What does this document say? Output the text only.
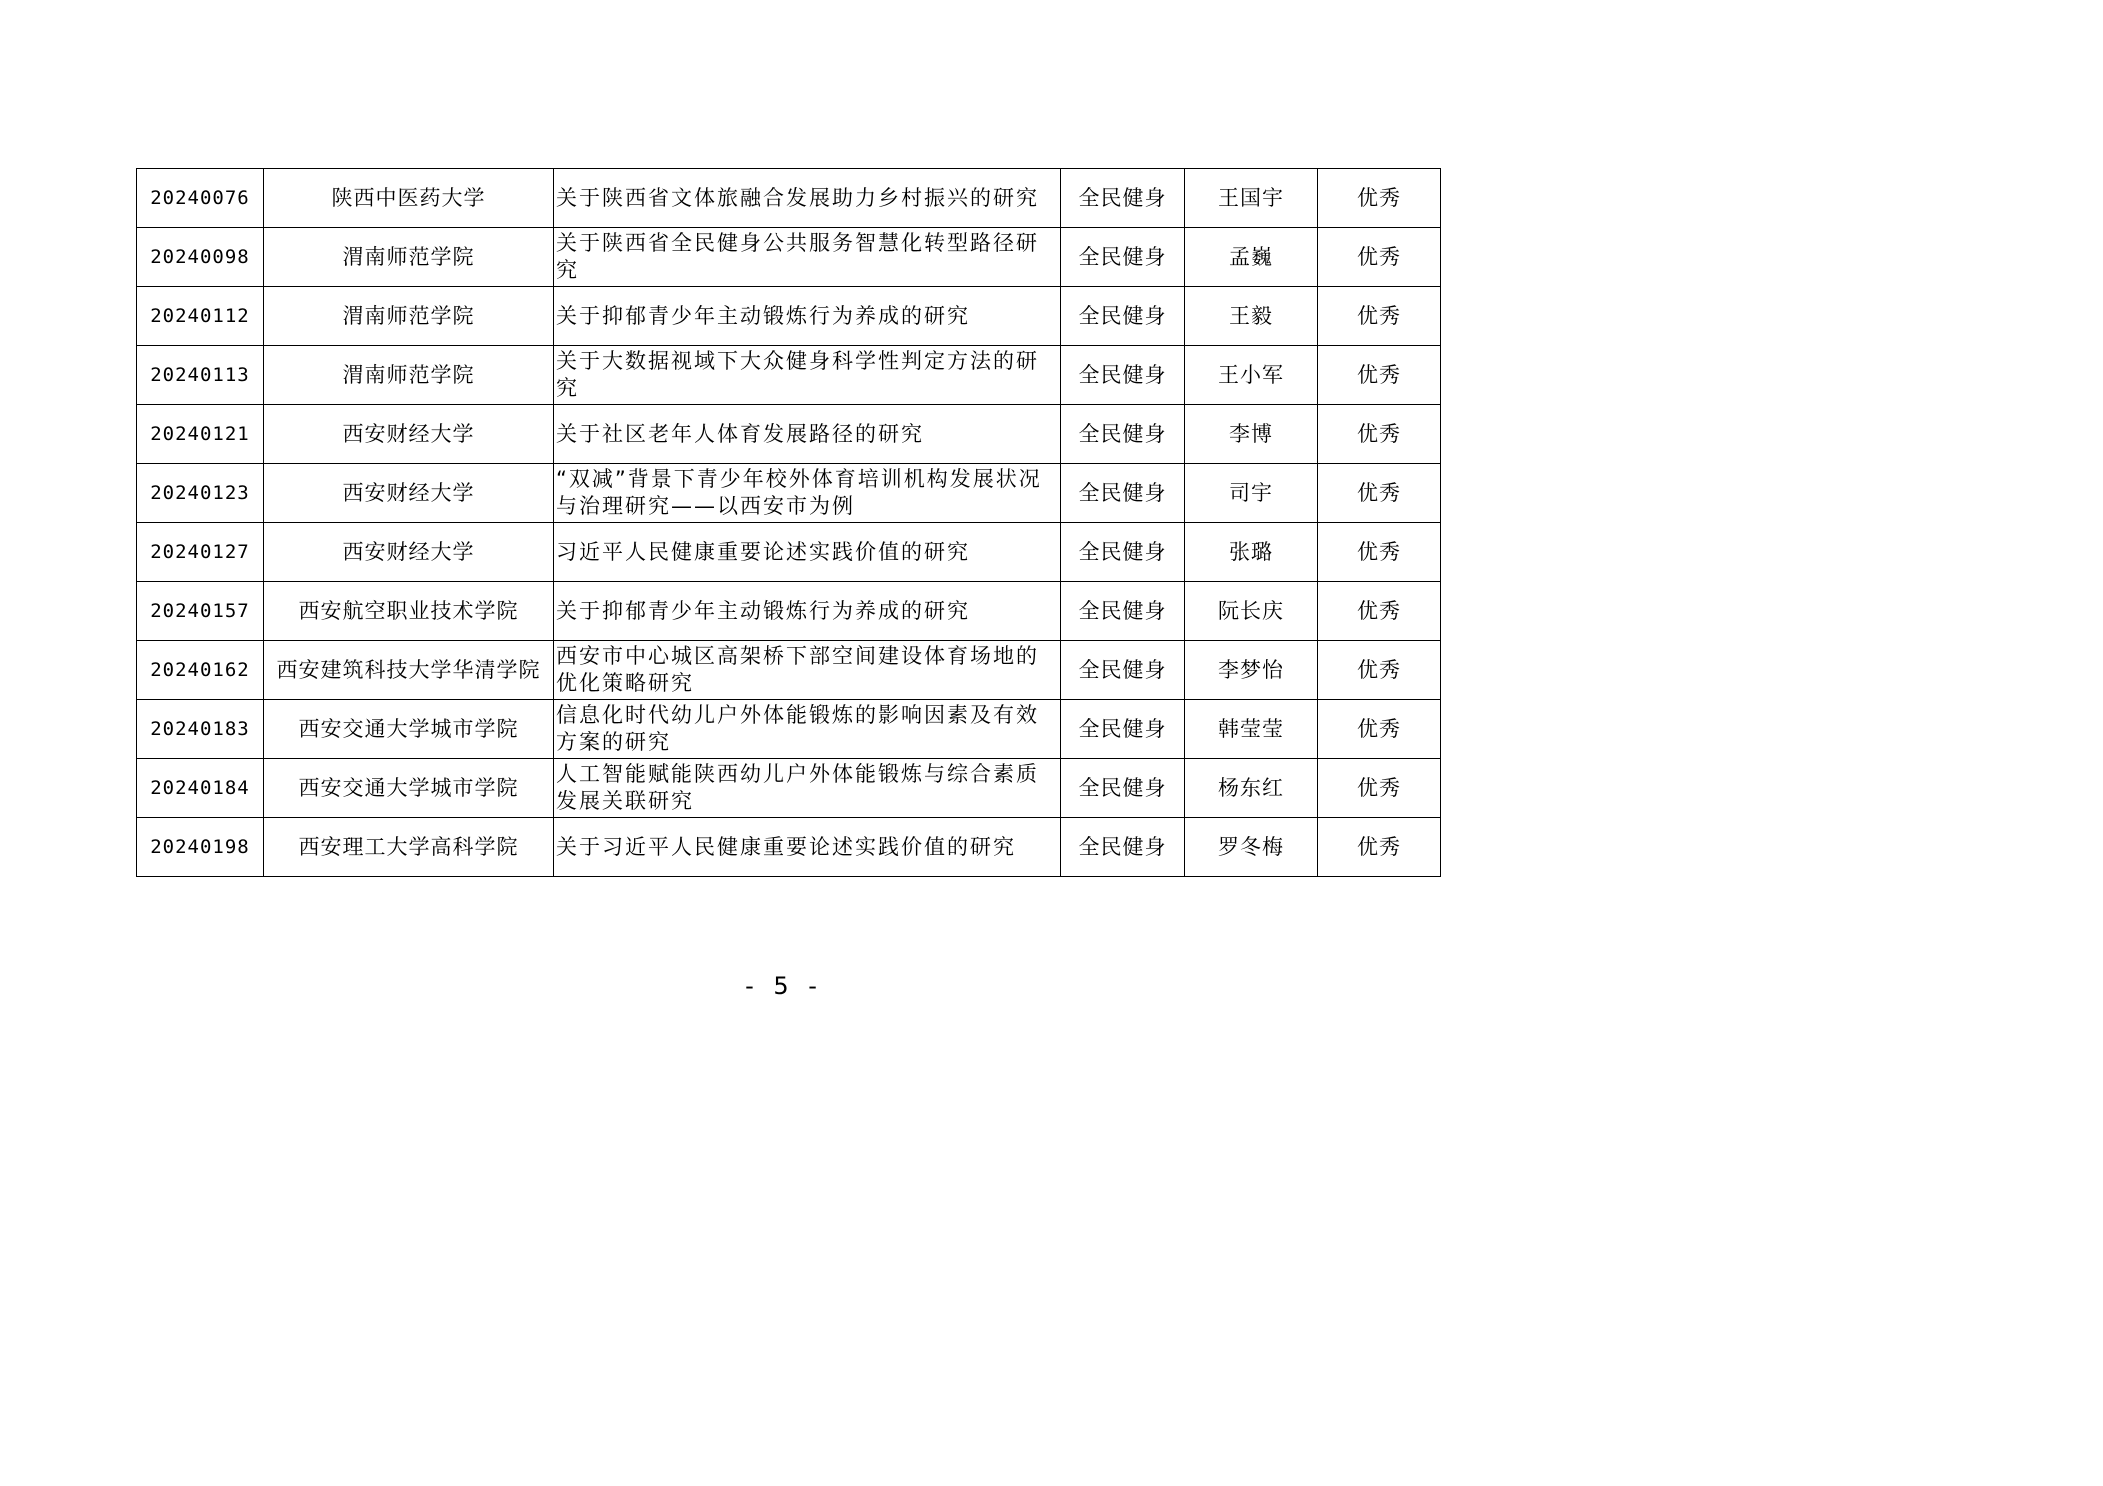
20240076	陕西中医药大学	关于陕西省文体旅融合发展助力乡村振兴的研究	全民健身	王国宇	优秀
20240098	渭南师范学院	关于陕西省全民健身公共服务智慧化转型路径研究	全民健身	孟巍	优秀
20240112	渭南师范学院	关于抑郁青少年主动锻炼行为养成的研究	全民健身	王毅	优秀
20240113	渭南师范学院	关于大数据视域下大众健身科学性判定方法的研究	全民健身	王小军	优秀
20240121	西安财经大学	关于社区老年人体育发展路径的研究	全民健身	李博	优秀
20240123	西安财经大学	“双减”背景下青少年校外体育培训机构发展状况与治理研究——以西安市为例	全民健身	司宇	优秀
20240127	西安财经大学	习近平人民健康重要论述实践价值的研究	全民健身	张璐	优秀
20240157	西安航空职业技术学院	关于抑郁青少年主动锻炼行为养成的研究	全民健身	阮长庆	优秀
20240162	西安建筑科技大学华清学院	西安市中心城区高架桥下部空间建设体育场地的优化策略研究	全民健身	李梦怡	优秀
20240183	西安交通大学城市学院	信息化时代幼儿户外体能锻炼的影响因素及有效方案的研究	全民健身	韩莹莹	优秀
20240184	西安交通大学城市学院	人工智能赋能陕西幼儿户外体能锻炼与综合素质发展关联研究	全民健身	杨东红	优秀
20240198	西安理工大学高科学院	关于习近平人民健康重要论述实践价值的研究	全民健身	罗冬梅	优秀
- 5 -
